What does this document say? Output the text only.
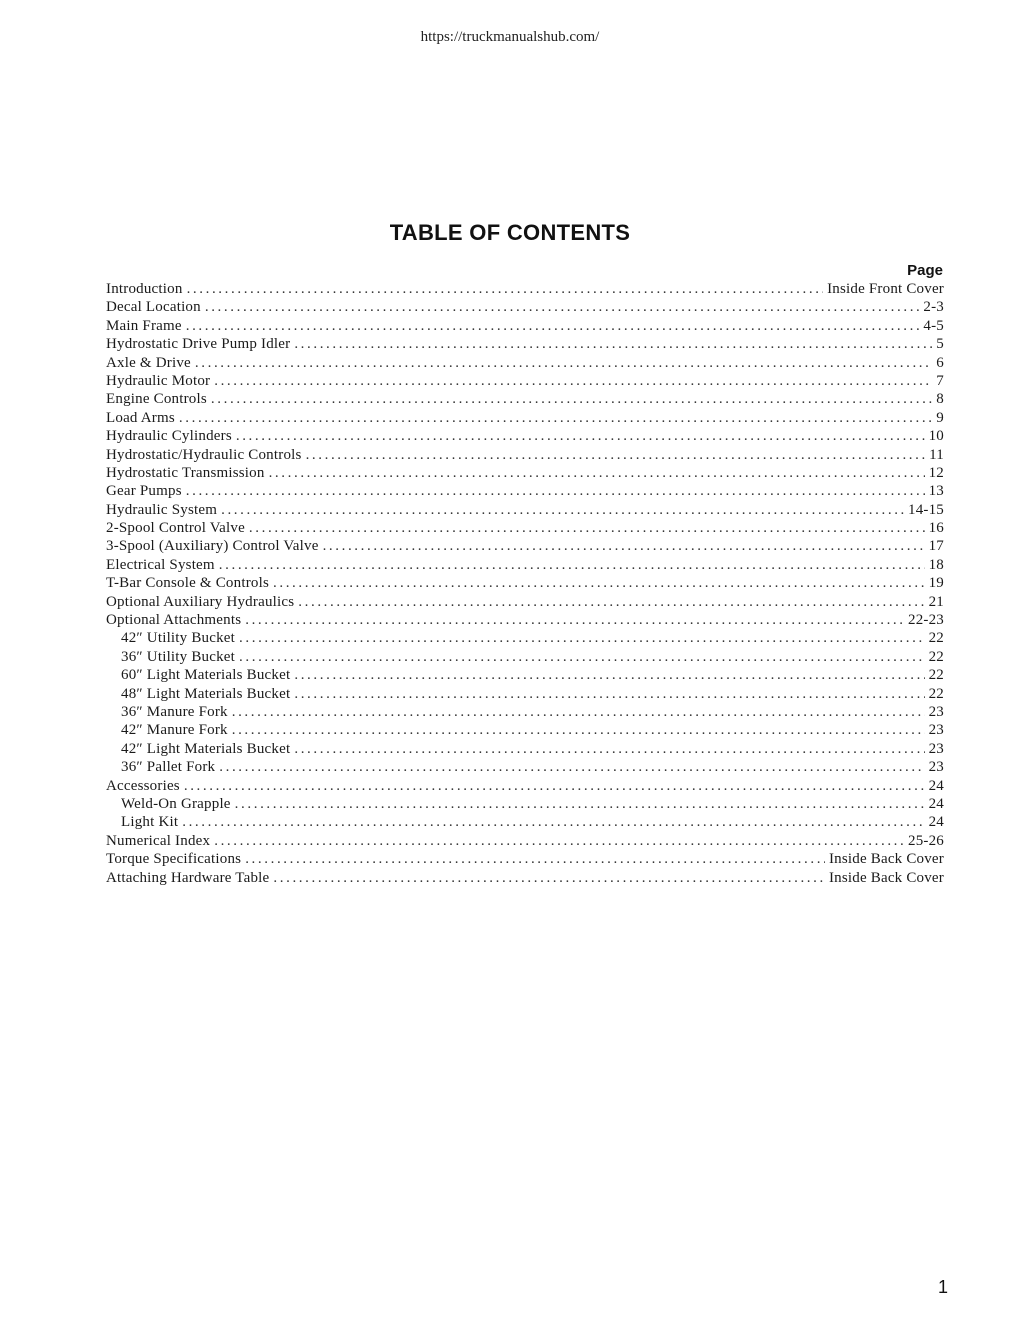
https://truckmanualshub.com/
TABLE OF CONTENTS
Page
Introduction .....	Inside Front Cover
Decal Location .....	2-3
Main Frame .....	4-5
Hydrostatic Drive Pump Idler .....	5
Axle & Drive .....	6
Hydraulic Motor .....	7
Engine Controls .....	8
Load Arms .....	9
Hydraulic Cylinders .....	10
Hydrostatic/Hydraulic Controls .....	11
Hydrostatic Transmission .....	12
Gear Pumps .....	13
Hydraulic System .....	14-15
2-Spool Control Valve .....	16
3-Spool (Auxiliary) Control Valve .....	17
Electrical System .....	18
T-Bar Console & Controls .....	19
Optional Auxiliary Hydraulics .....	21
Optional Attachments .....	22-23
42″ Utility Bucket .....	22
36″ Utility Bucket .....	22
60″ Light Materials Bucket .....	22
48″ Light Materials Bucket .....	22
36″ Manure Fork .....	23
42″ Manure Fork .....	23
42″ Light Materials Bucket .....	23
36″ Pallet Fork .....	23
Accessories .....	24
Weld-On Grapple .....	24
Light Kit .....	24
Numerical Index .....	25-26
Torque Specifications .....	Inside Back Cover
Attaching Hardware Table .....	Inside Back Cover
1
